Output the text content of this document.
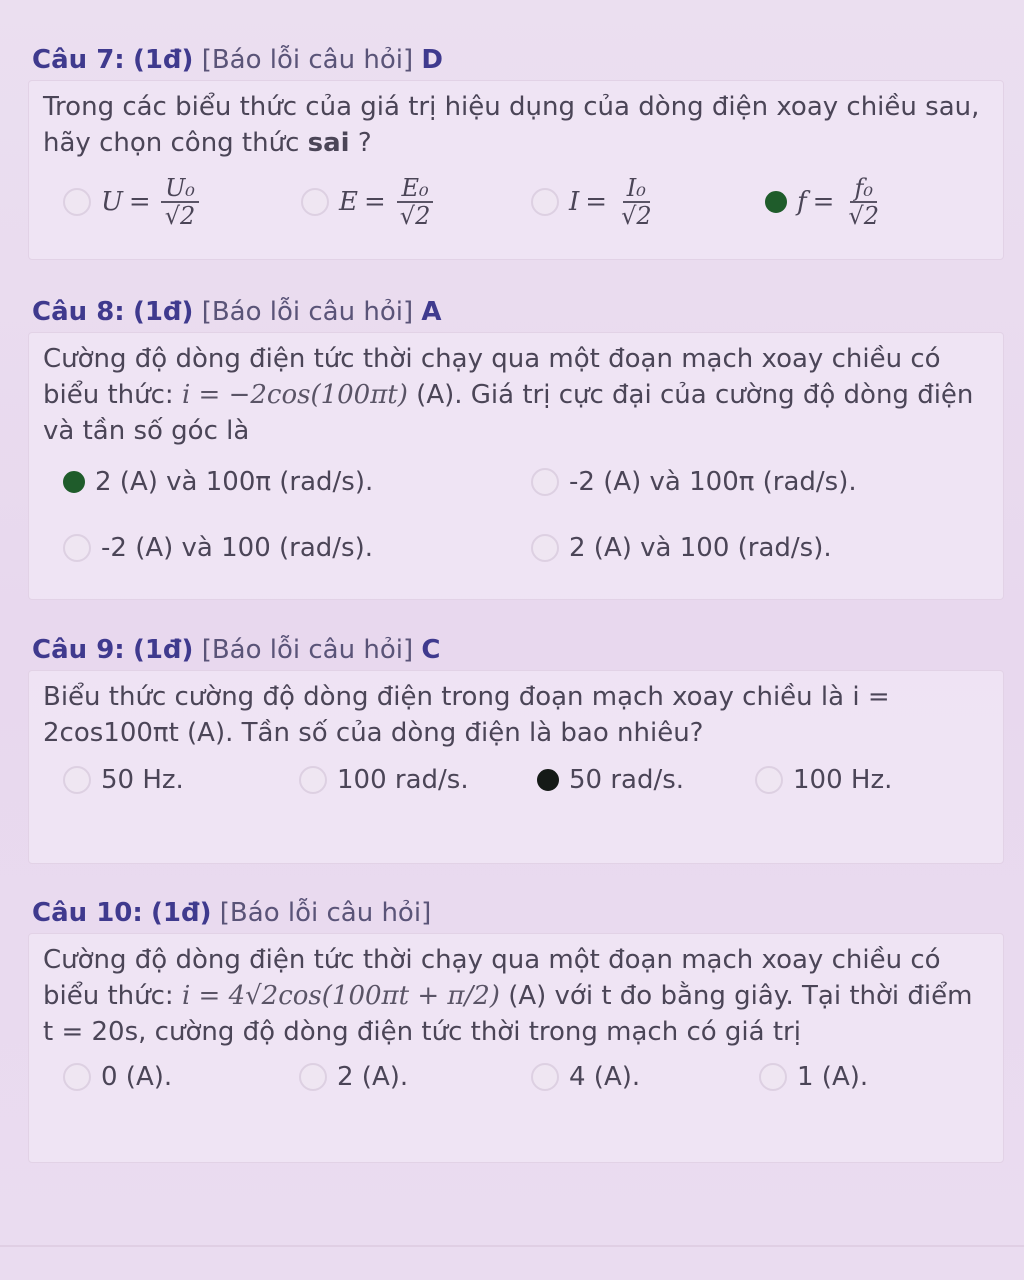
Câu 7: (1đ) [Báo lỗi câu hỏi] D

Trong các biểu thức của giá trị hiệu dụng của dòng điện xoay chiều sau, hãy chọn công thức sai ?

$U = \frac{\text{U₀}}{√2}$	$E = \frac{\text{E₀}}{√2}$	$I = \frac{\text{I₀}}{√2}$	$f = \frac{\text{f₀}}{√2}$
Câu 8: (1đ) [Báo lỗi câu hỏi] A

Cường độ dòng điện tức thời chạy qua một đoạn mạch xoay chiều có biểu thức: i = −2cos(100πt) (A). Giá trị cực đại của cường độ dòng điện và tần số góc là

2 (A) và 100π (rad/s).	-2 (A) và 100π (rad/s).
-2 (A) và 100 (rad/s).	2 (A) và 100 (rad/s).
Câu 9: (1đ) [Báo lỗi câu hỏi] C

Biểu thức cường độ dòng điện trong đoạn mạch xoay chiều là i = 2cos100πt (A). Tần số của dòng điện là bao nhiêu?

50 Hz.	100 rad/s.	50 rad/s.	100 Hz.
Câu 10: (1đ) [Báo lỗi câu hỏi]

Cường độ dòng điện tức thời chạy qua một đoạn mạch xoay chiều có biểu thức: i = 4√2cos(100πt + π/2) (A) với t đo bằng giây. Tại thời điểm t = 20s, cường độ dòng điện tức thời trong mạch có giá trị

0 (A).	2 (A).	4 (A).	1 (A).
